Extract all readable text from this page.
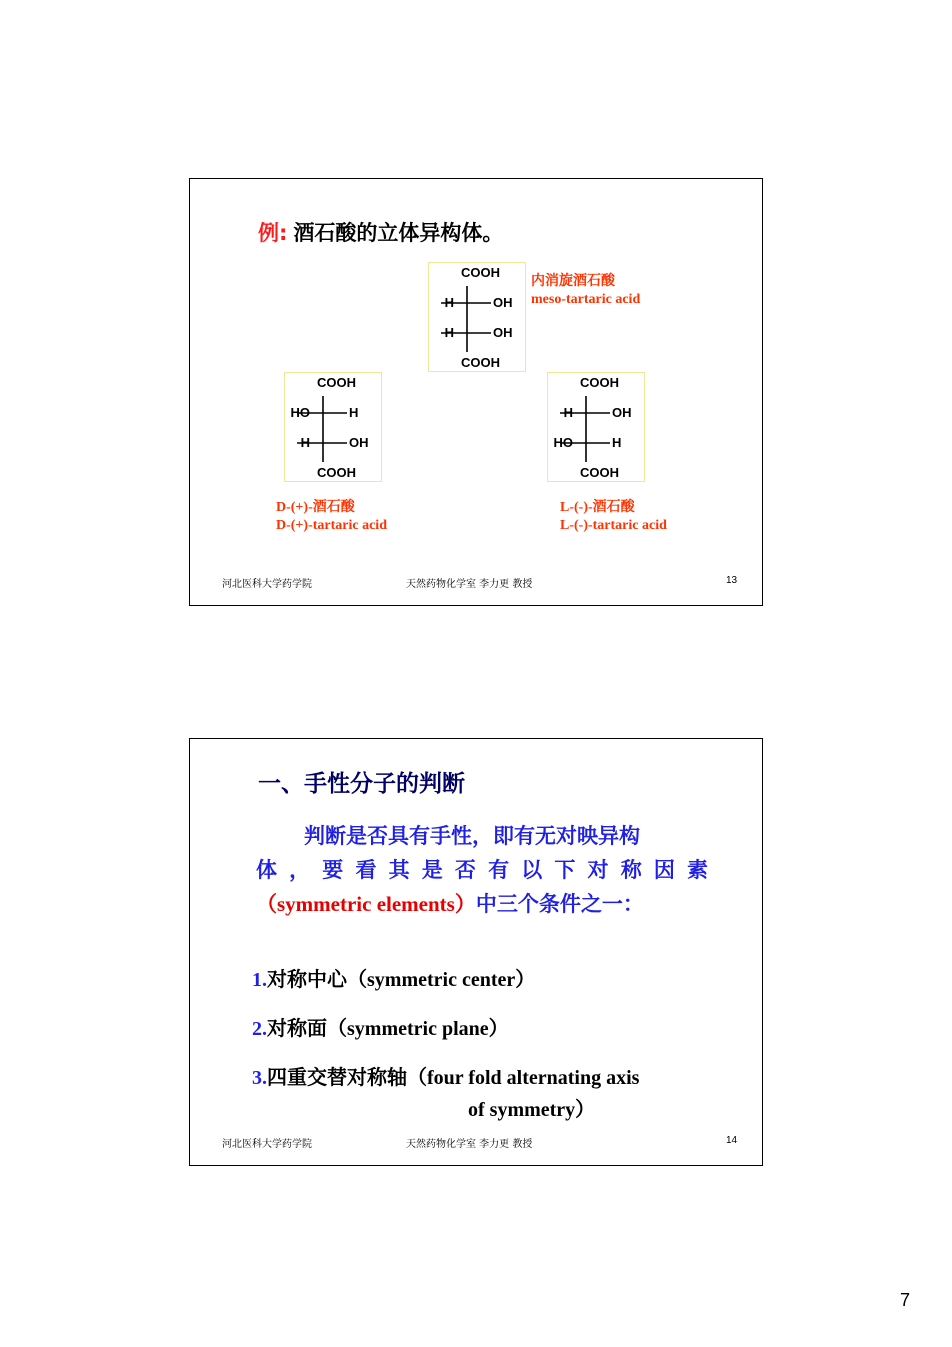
例: 酒石酸的立体异构体。
COOH
H	OH
H	OH
COOH
内消旋酒石酸
meso-tartaric acid
COOH
HO	H
H	OH
COOH
D-(+)-酒石酸
D-(+)-tartaric acid
COOH
H	OH
HO	H
COOH
L-(-)-酒石酸
L-(-)-tartaric acid
河北医科大学药学院	天然药物化学室 李力更 教授	13
一、手性分子的判断
判断是否具有手性，即有无对映异构
体，要看其是否有以下对称因素
（symmetric elements）中三个条件之一：
1.对称中心（symmetric center）
2.对称面（symmetric plane）
3.四重交替对称轴（four fold alternating axis
of symmetry）
河北医科大学药学院	天然药物化学室 李力更 教授	14
7
